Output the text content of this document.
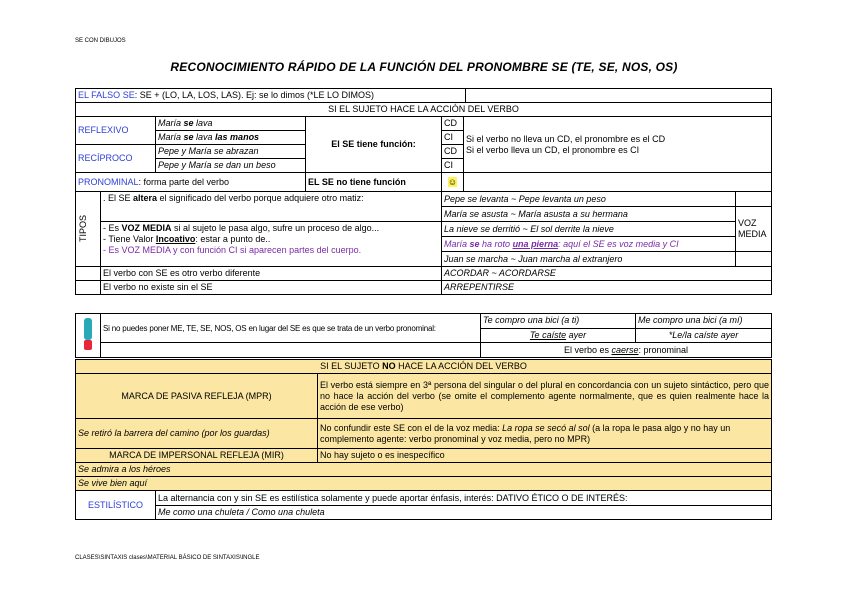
SE CON DIBUJOS
RECONOCIMIENTO RÁPIDO DE LA FUNCIÓN DEL PRONOMBRE SE (TE, SE, NOS, OS)
EL FALSO SE: SE + (LO, LA, LOS, LAS). Ej: se lo dimos (*LE LO DIMOS)							
SI EL SUJETO HACE LA ACCIÓN DEL VERBO							
REFLEXIVO		María se lava	El SE tiene función:	CD	Si el verbo no lleva un CD, el pronombre es el CD
Si el verbo lleva un CD, el pronombre es CI		

		María se lava las manos		CI			
RECÍPROCO		Pepe y María se abrazan		CD			
		Pepe y María se dan un beso		CI			
PRONOMINAL: forma parte del verbo			EL SE no tiene función	☺			

TIPOS	. El SE altera el significado del verbo porque adquiere otro matiz:			Pepe se levanta ~ Pepe levanta un peso			
				María se asusta ~ María asusta a su hermana			VOZ MEDIA

	- Es VOZ MEDIA si al sujeto le pasa algo, sufre un proceso de algo...
- Tiene Valor Incoativo: estar a punto de..
- Es VOZ MEDIA y con función CI si aparecen partes del cuerpo.			La nieve se derritió ~ El sol derrite la nieve			
				María se ha roto una pierna: aquí el SE es voz media y CI			
				Juan se marcha ~ Juan marcha al extranjero			
	El verbo con SE es otro verbo diferente			ACORDAR ~ ACORDARSE			
	El verbo no existe sin el SE			ARREPENTIRSE			
	Si no puedes poner ME, TE, SE, NOS, OS en lugar del SE es que se trata de un verbo pronominal:	Te compro una bici (a ti)	Me compro una bici (a mí)
		Te caíste ayer	*Le/la caíste ayer
		El verbo es caerse: pronominal	
SI EL SUJETO NO HACE LA ACCIÓN DEL VERBO		
MARCA DE PASIVA REFLEJA (MPR)		El verbo está siempre en 3ª persona del singular o del plural en concordancia con un sujeto sintáctico, pero que no hace la acción del verbo (se omite el complemento agente normalmente, que es quien realmente hace la acción de ese verbo)
Se retiró la barrera del camino (por los guardas)		No confundir este SE con el de la voz media: La ropa se secó al sol (a la ropa le pasa algo y no hay un complemento agente: verbo pronominal y voz media, pero no MPR)
MARCA DE IMPERSONAL REFLEJA (MIR)		No hay sujeto o es inespecífico
Se admira a los héroes		
Se vive bien aquí		
ESTILÍSTICO	La alternancia con y sin SE es estilística solamente y puede aportar énfasis, interés: DATIVO ÉTICO O DE INTERÉS:	
	Me como una chuleta / Como una chuleta	
CLASES\SINTAXIS clases\MATERIAL BÁSICO DE SINTAXIS\INGLE
